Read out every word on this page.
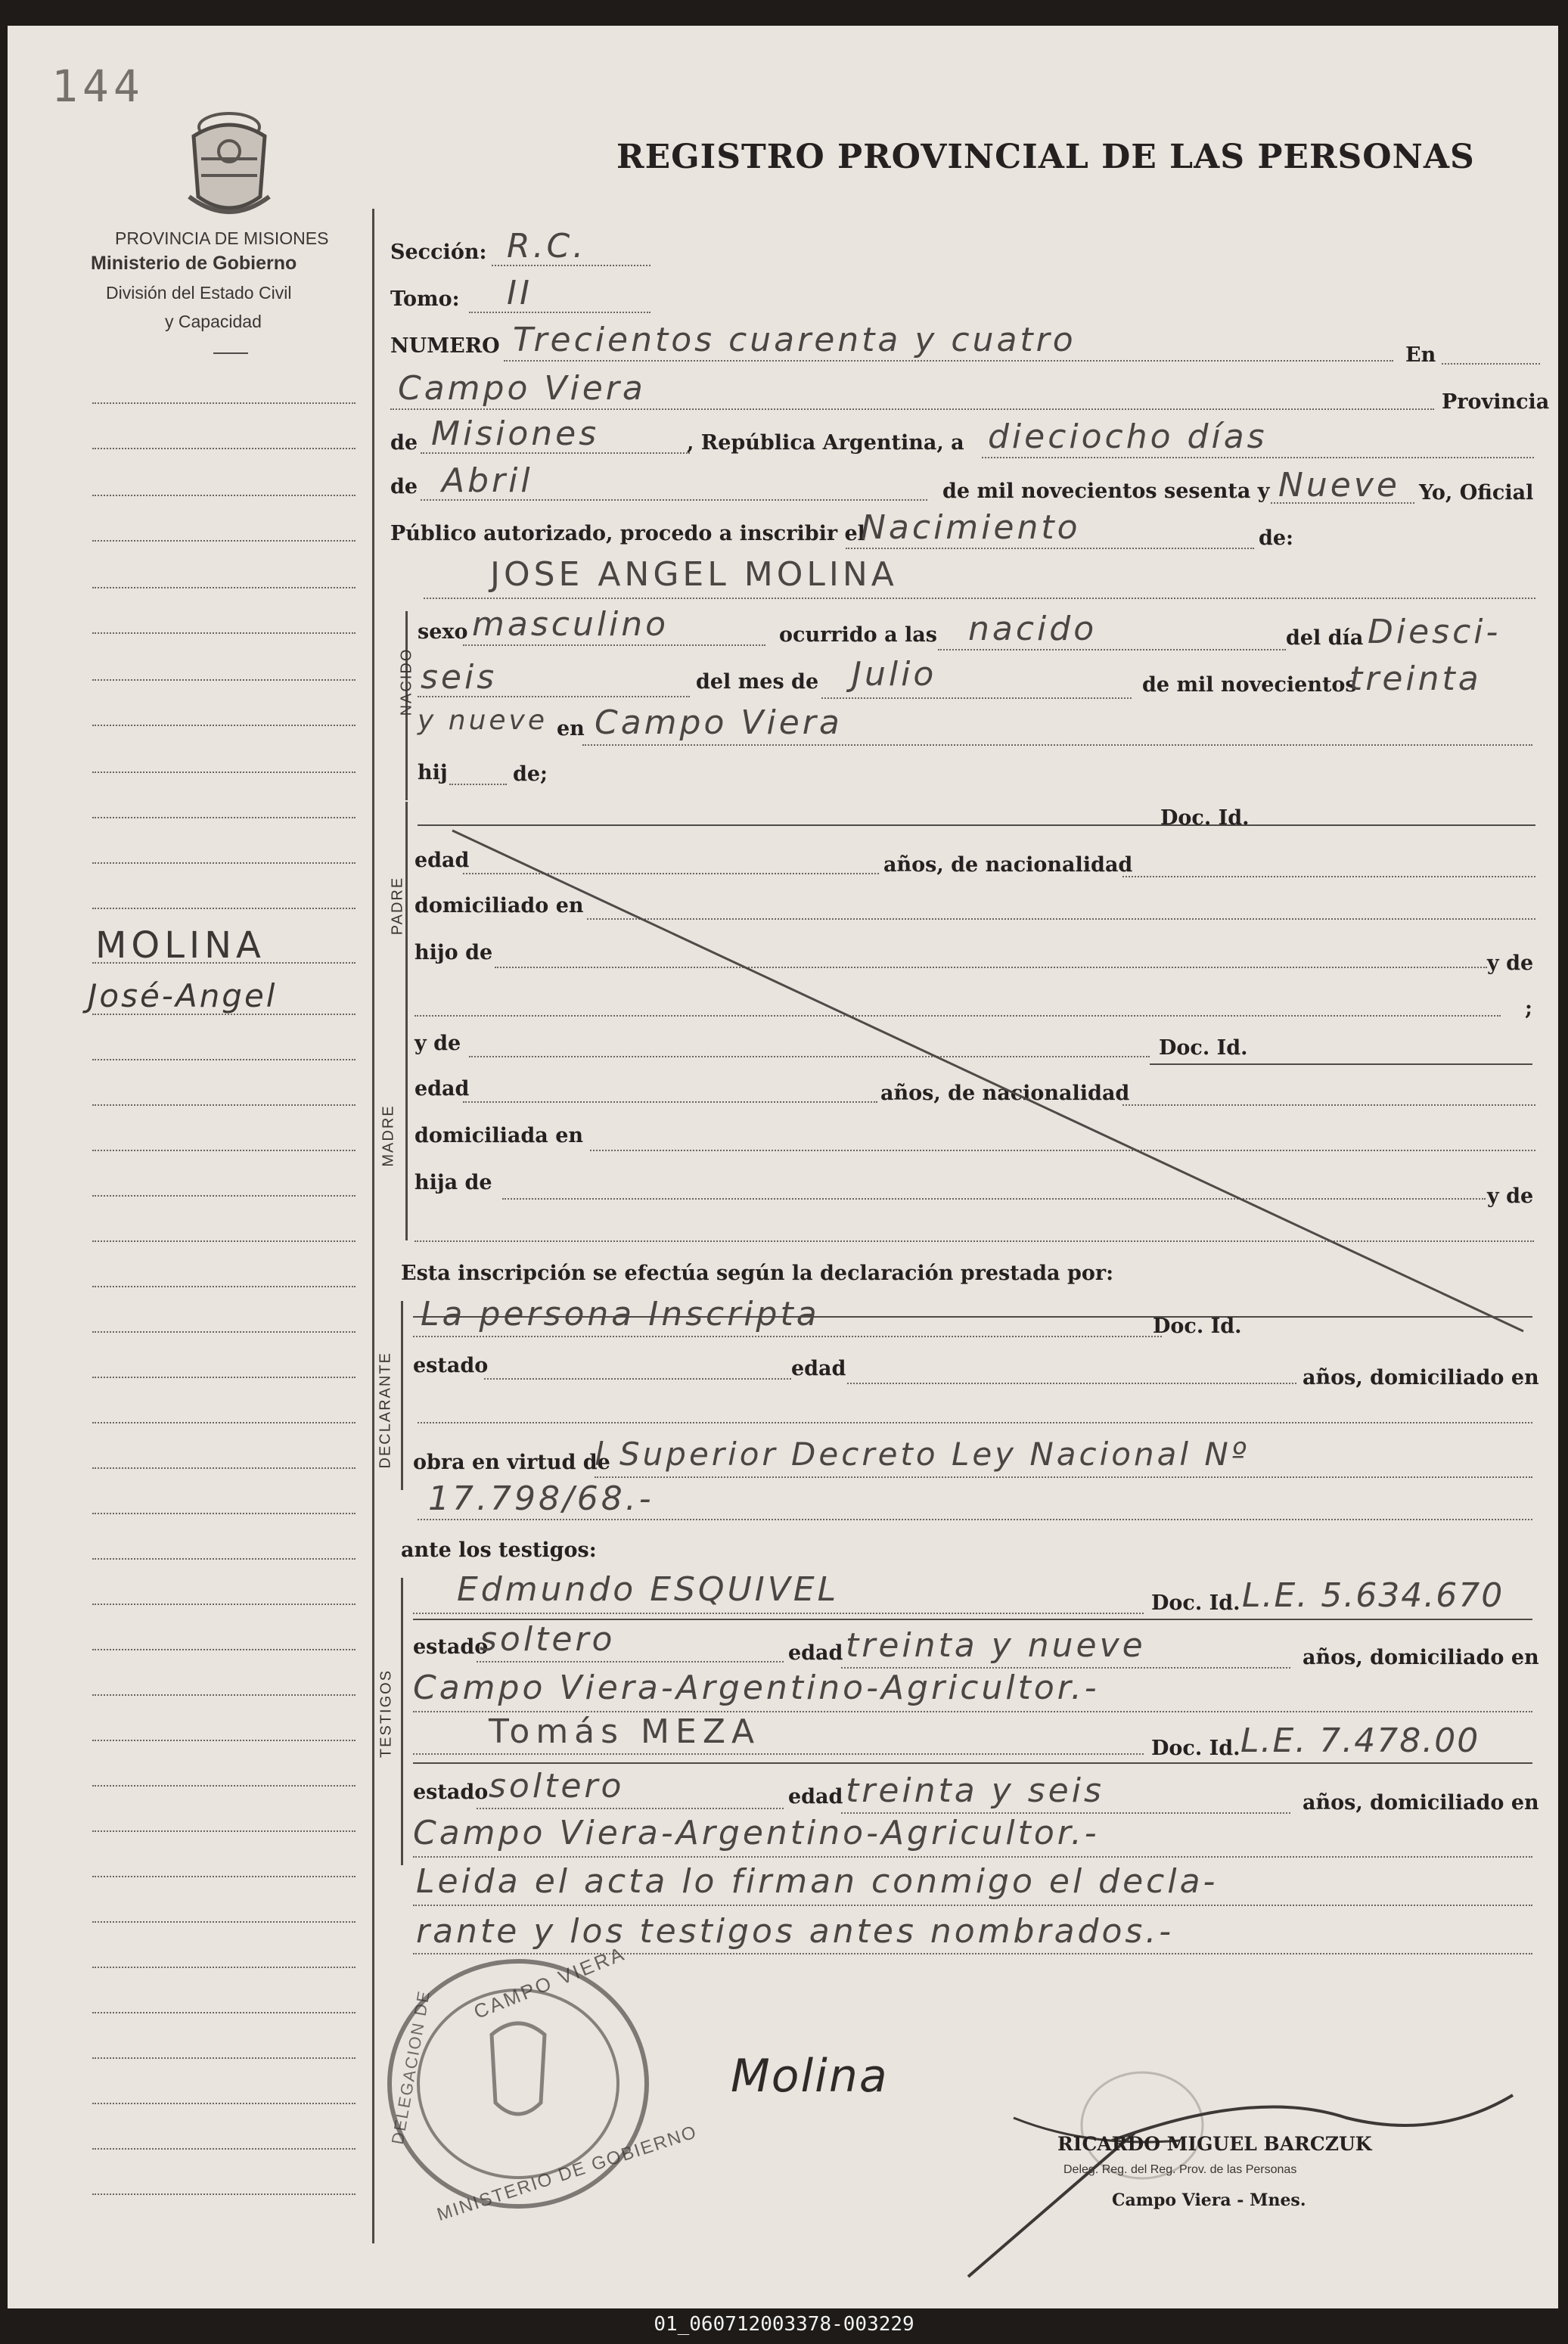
144
PROVINCIA DE MISIONES
Ministerio de Gobierno
División del Estado Civil
y Capacidad
REGISTRO PROVINCIAL DE LAS PERSONAS
MOLINA
José-Angel
Sección: R.C.
Tomo: II
NUMERO Trecientos cuarenta y cuatro	En
Campo Viera	Provincia
de Misiones	, República Argentina, a dieciocho días
de Abril	de mil novecientos sesenta y Nueve Yo, Oficial
Público autorizado, procedo a inscribir el
Nacimiento	de:
JOSE ANGEL MOLINA
NACIDO
sexo masculino	ocurrido a las nacido	del día Diesci-
seis	del mes de Julio	de mil novecientos
treinta
y nueve en Campo Viera
hij	de;
PADRE
Doc. Id.
edad	años, de nacionalidad
domiciliado en
hijo de	y de
;
MADRE
y de	Doc. Id.
edad	años, de nacionalidad
domiciliada en
hija de
y de
Esta inscripción se efectúa según la declaración prestada por:
DECLARANTE
La persona Inscripta	Doc. Id.
estado	edad	años, domiciliado en
obra en virtud de
l Superior Decreto Ley Nacional Nº
17.798/68.-
ante los testigos:
TESTIGOS
Edmundo ESQUIVEL	Doc. Id. L.E. 5.634.670
estado
soltero	edad treinta y nueve	años, domiciliado en
Campo Viera-Argentino-Agricultor.-
Tomás MEZA	Doc. Id. L.E. 7.478.00
estado soltero	edad treinta y seis	años, domiciliado en
Campo Viera-Argentino-Agricultor.-
Leida el acta lo firman conmigo el decla-
rante y los testigos antes nombrados.-
CAMPO VIERA
MINISTERIO DE GOBIERNO
DELEGACION DE	Molina
RICARDO MIGUEL BARCZUK
Deleg. Reg. del Reg. Prov. de las Personas
Campo Viera - Mnes.
01_060712003378-003229
